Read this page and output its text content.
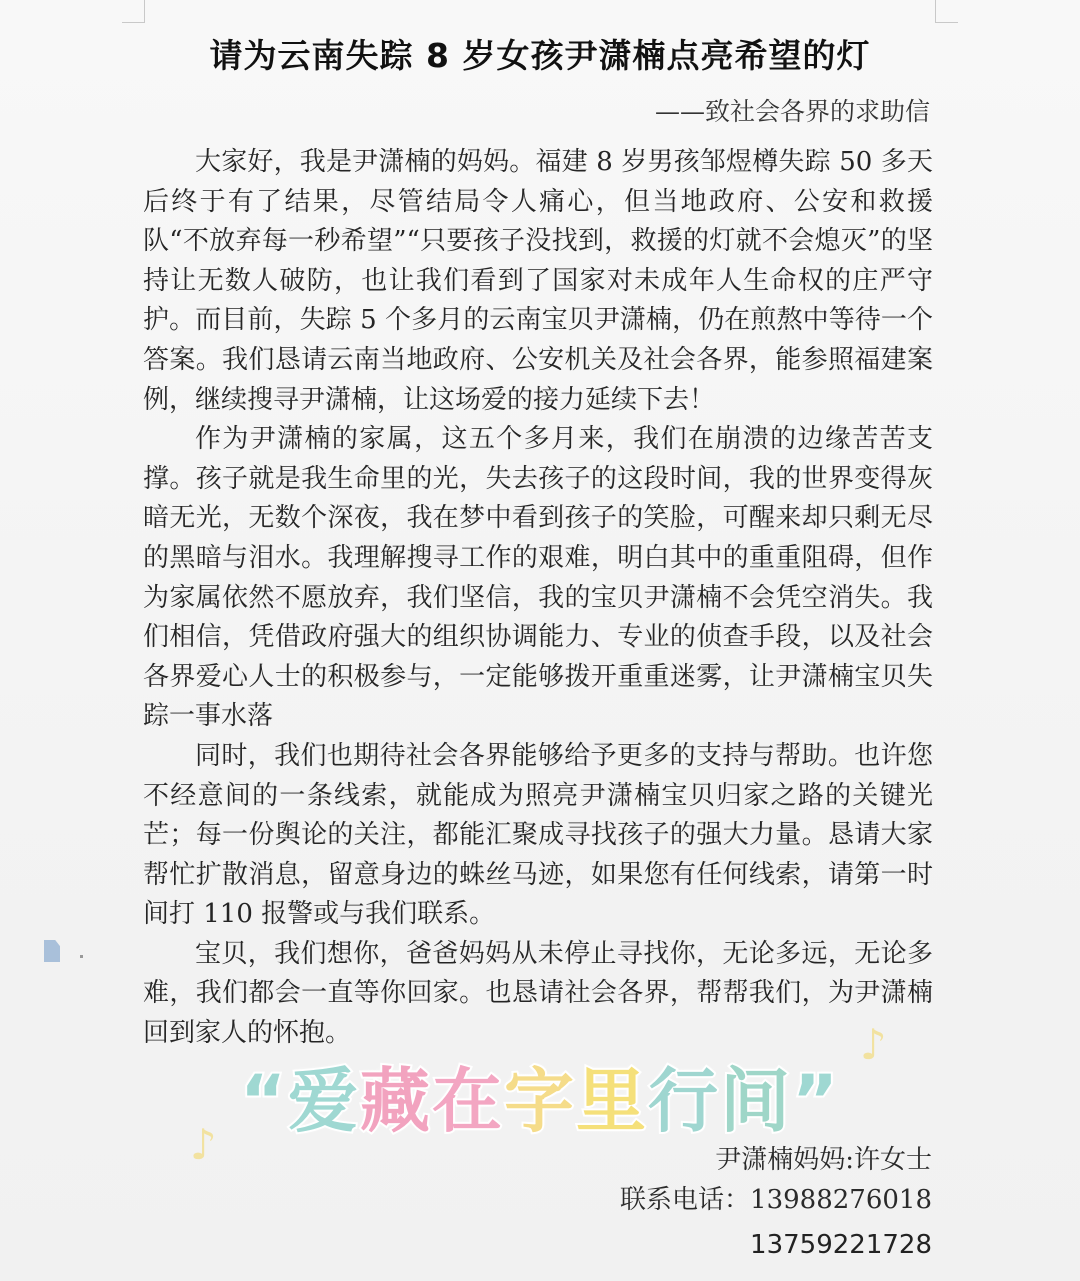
请为云南失踪 8 岁女孩尹潇楠点亮希望的灯
——致社会各界的求助信

大家好，我是尹潇楠的妈妈。福建 8 岁男孩邹煜樽失踪 50 多天后终于有了结果，尽管结局令人痛心，但当地政府、公安和救援队“不放弃每一秒希望”“只要孩子没找到，救援的灯就不会熄灭”的坚持让无数人破防，也让我们看到了国家对未成年人生命权的庄严守护。而目前，失踪 5 个多月的云南宝贝尹潇楠，仍在煎熬中等待一个答案。我们恳请云南当地政府、公安机关及社会各界，能参照福建案例，继续搜寻尹潇楠，让这场爱的接力延续下去！

作为尹潇楠的家属，这五个多月来，我们在崩溃的边缘苦苦支撑。孩子就是我生命里的光，失去孩子的这段时间，我的世界变得灰暗无光，无数个深夜，我在梦中看到孩子的笑脸，可醒来却只剩无尽的黑暗与泪水。我理解搜寻工作的艰难，明白其中的重重阻碍，但作为家属依然不愿放弃，我们坚信，我的宝贝尹潇楠不会凭空消失。我们相信，凭借政府强大的组织协调能力、专业的侦查手段，以及社会各界爱心人士的积极参与，一定能够拨开重重迷雾，让尹潇楠宝贝失踪一事水落

同时，我们也期待社会各界能够给予更多的支持与帮助。也许您不经意间的一条线索，就能成为照亮尹潇楠宝贝归家之路的关键光芒；每一份舆论的关注，都能汇聚成寻找孩子的强大力量。恳请大家帮忙扩散消息，留意身边的蛛丝马迹，如果您有任何线索，请第一时间打 110 报警或与我们联系。

宝贝，我们想你，爸爸妈妈从未停止寻找你，无论多远，无论多难，我们都会一直等你回家。也恳请社会各界，帮帮我们，为尹潇楠 回到家人的怀抱。

尹潇楠妈妈:许女士
联系电话：13988276018
13759221728
♪
♪
“爱藏在字里行间”
